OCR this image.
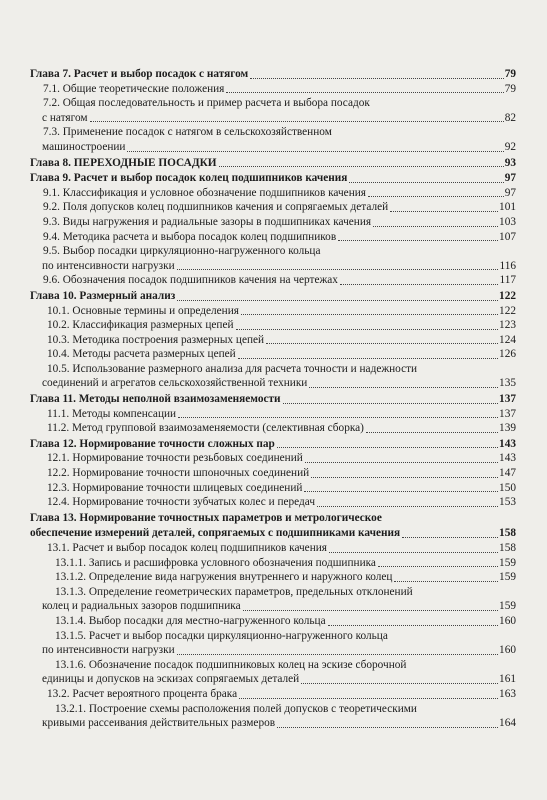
Глава 7. Расчет и выбор посадок с натягом	79
7.1. Общие теоретические положения	79
7.2. Общая последовательность и пример расчета и выбора посадок
с натягом	82
7.3. Применение посадок с натягом в сельскохозяйственном
машиностроении	92
Глава 8. ПЕРЕХОДНЫЕ ПОСАДКИ	93
Глава 9. Расчет и выбор посадок колец подшипников качения	97
9.1. Классификация и условное обозначение подшипников качения	97
9.2. Поля допусков колец подшипников качения и сопрягаемых деталей	101
9.3. Виды нагружения и радиальные зазоры в подшипниках качения	103
9.4. Методика расчета и выбора посадок колец подшипников	107
9.5. Выбор посадки циркуляционно-нагруженного кольца
по интенсивности нагрузки	116
9.6. Обозначения посадок подшипников качения на чертежах	117
Глава 10. Размерный анализ	122
10.1. Основные термины и определения	122
10.2. Классификация размерных цепей	123
10.3. Методика построения размерных цепей	124
10.4. Методы расчета размерных цепей	126
10.5. Использование размерного анализа для расчета точности и надежности
соединений и агрегатов сельскохозяйственной техники	135
Глава 11. Методы неполной взаимозаменяемости	137
11.1. Методы компенсации	137
11.2. Метод групповой взаимозаменяемости (селективная сборка)	139
Глава 12. Нормирование точности сложных пар	143
12.1. Нормирование точности резьбовых соединений	143
12.2. Нормирование точности шпоночных соединений	147
12.3. Нормирование точности шлицевых соединений	150
12.4. Нормирование точности зубчатых колес и передач	153
Глава 13. Нормирование точностных параметров и метрологическое
обеспечение измерений деталей, сопрягаемых с подшипниками качения	158
13.1. Расчет и выбор посадок колец подшипников качения	158
13.1.1. Запись и расшифровка условного обозначения подшипника	159
13.1.2. Определение вида нагружения внутреннего и наружного колец	159
13.1.3. Определение геометрических параметров, предельных отклонений
колец и радиальных зазоров подшипника	159
13.1.4. Выбор посадки для местно-нагруженного кольца	160
13.1.5. Расчет и выбор посадки циркуляционно-нагруженного кольца
по интенсивности нагрузки	160
13.1.6. Обозначение посадок подшипниковых колец на эскизе сборочной
единицы и допусков на эскизах сопрягаемых деталей	161
13.2. Расчет вероятного процента брака	163
13.2.1. Построение схемы расположения полей допусков с теоретическими
кривыми рассеивания действительных размеров	164
